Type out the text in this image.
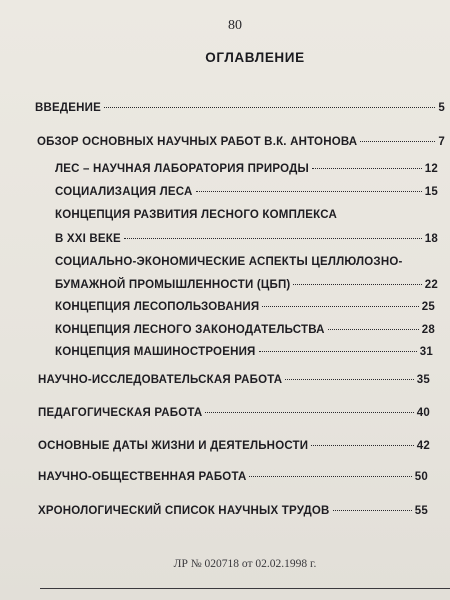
80
ОГЛАВЛЕНИЕ
ВВЕДЕНИЕ	5
ОБЗОР ОСНОВНЫХ НАУЧНЫХ РАБОТ В.К. АНТОНОВА	7
ЛЕС – НАУЧНАЯ ЛАБОРАТОРИЯ ПРИРОДЫ	12
СОЦИАЛИЗАЦИЯ ЛЕСА	15
КОНЦЕПЦИЯ РАЗВИТИЯ ЛЕСНОГО КОМПЛЕКСА
В XXI ВЕКЕ	18
СОЦИАЛЬНО-ЭКОНОМИЧЕСКИЕ АСПЕКТЫ ЦЕЛЛЮЛОЗНО-
БУМАЖНОЙ ПРОМЫШЛЕННОСТИ (ЦБП)	22
КОНЦЕПЦИЯ ЛЕСОПОЛЬЗОВАНИЯ	25
КОНЦЕПЦИЯ ЛЕСНОГО ЗАКОНОДАТЕЛЬСТВА	28
КОНЦЕПЦИЯ МАШИНОСТРОЕНИЯ	31
НАУЧНО-ИССЛЕДОВАТЕЛЬСКАЯ РАБОТА	35
ПЕДАГОГИЧЕСКАЯ РАБОТА	40
ОСНОВНЫЕ ДАТЫ ЖИЗНИ И ДЕЯТЕЛЬНОСТИ	42
НАУЧНО-ОБЩЕСТВЕННАЯ РАБОТА	50
ХРОНОЛОГИЧЕСКИЙ СПИСОК НАУЧНЫХ ТРУДОВ	55
ЛР № 020718 от 02.02.1998 г.
